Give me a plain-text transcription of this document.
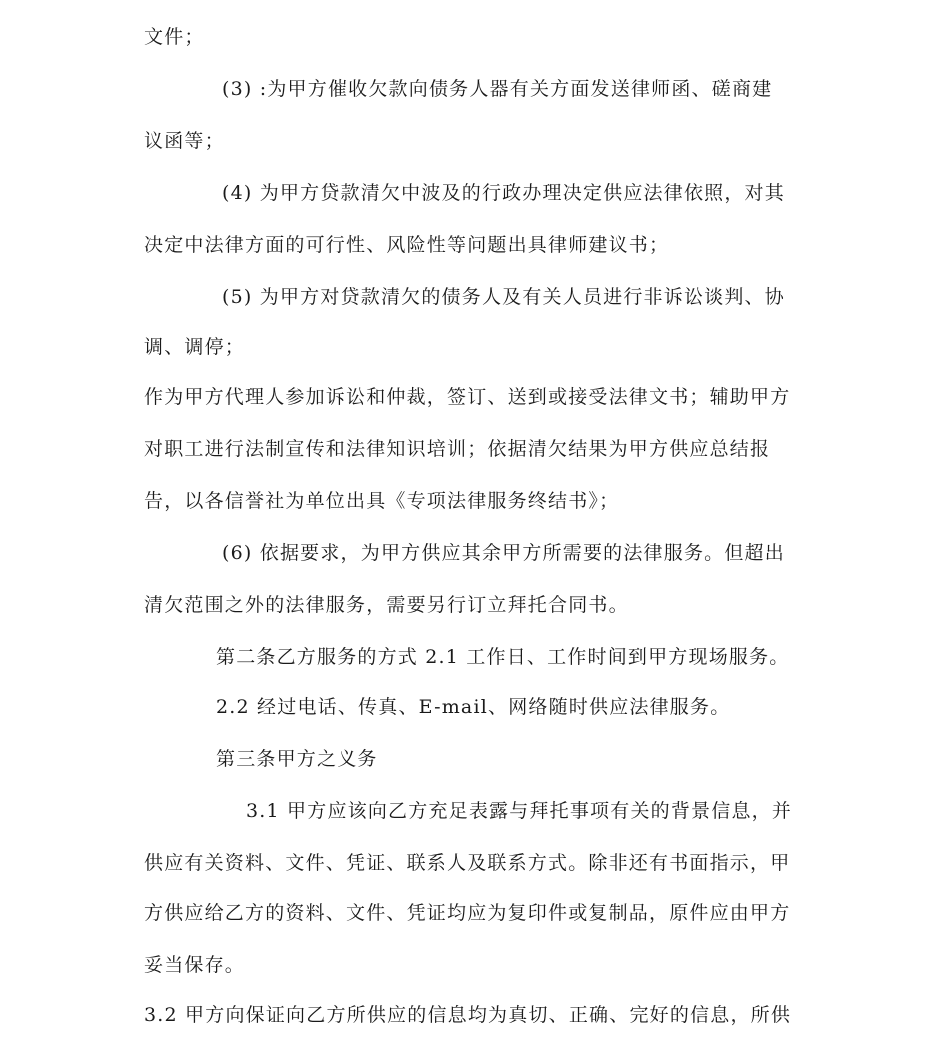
文件；
(3) :为甲方催收欠款向债务人器有关方面发送律师函、磋商建
议函等；
(4) 为甲方贷款清欠中波及的行政办理决定供应法律依照，对其
决定中法律方面的可行性、风险性等问题出具律师建议书；
(5) 为甲方对贷款清欠的债务人及有关人员进行非诉讼谈判、协
调、调停；
作为甲方代理人参加诉讼和仲裁，签订、送到或接受法律文书；辅助甲方
对职工进行法制宣传和法律知识培训；依据清欠结果为甲方供应总结报
告，以各信誉社为单位出具《专项法律服务终结书》；
(6) 依据要求，为甲方供应其余甲方所需要的法律服务。但超出
清欠范围之外的法律服务，需要另行订立拜托合同书。
第二条乙方服务的方式 2.1 工作日、工作时间到甲方现场服务。
2.2 经过电话、传真、E-mail、网络随时供应法律服务。
第三条甲方之义务
3.1 甲方应该向乙方充足表露与拜托事项有关的背景信息，并
供应有关资料、文件、凭证、联系人及联系方式。除非还有书面指示，甲
方供应给乙方的资料、文件、凭证均应为复印件或复制品，原件应由甲方
妥当保存。
3.2 甲方向保证向乙方所供应的信息均为真切、正确、完好的信息，所供
